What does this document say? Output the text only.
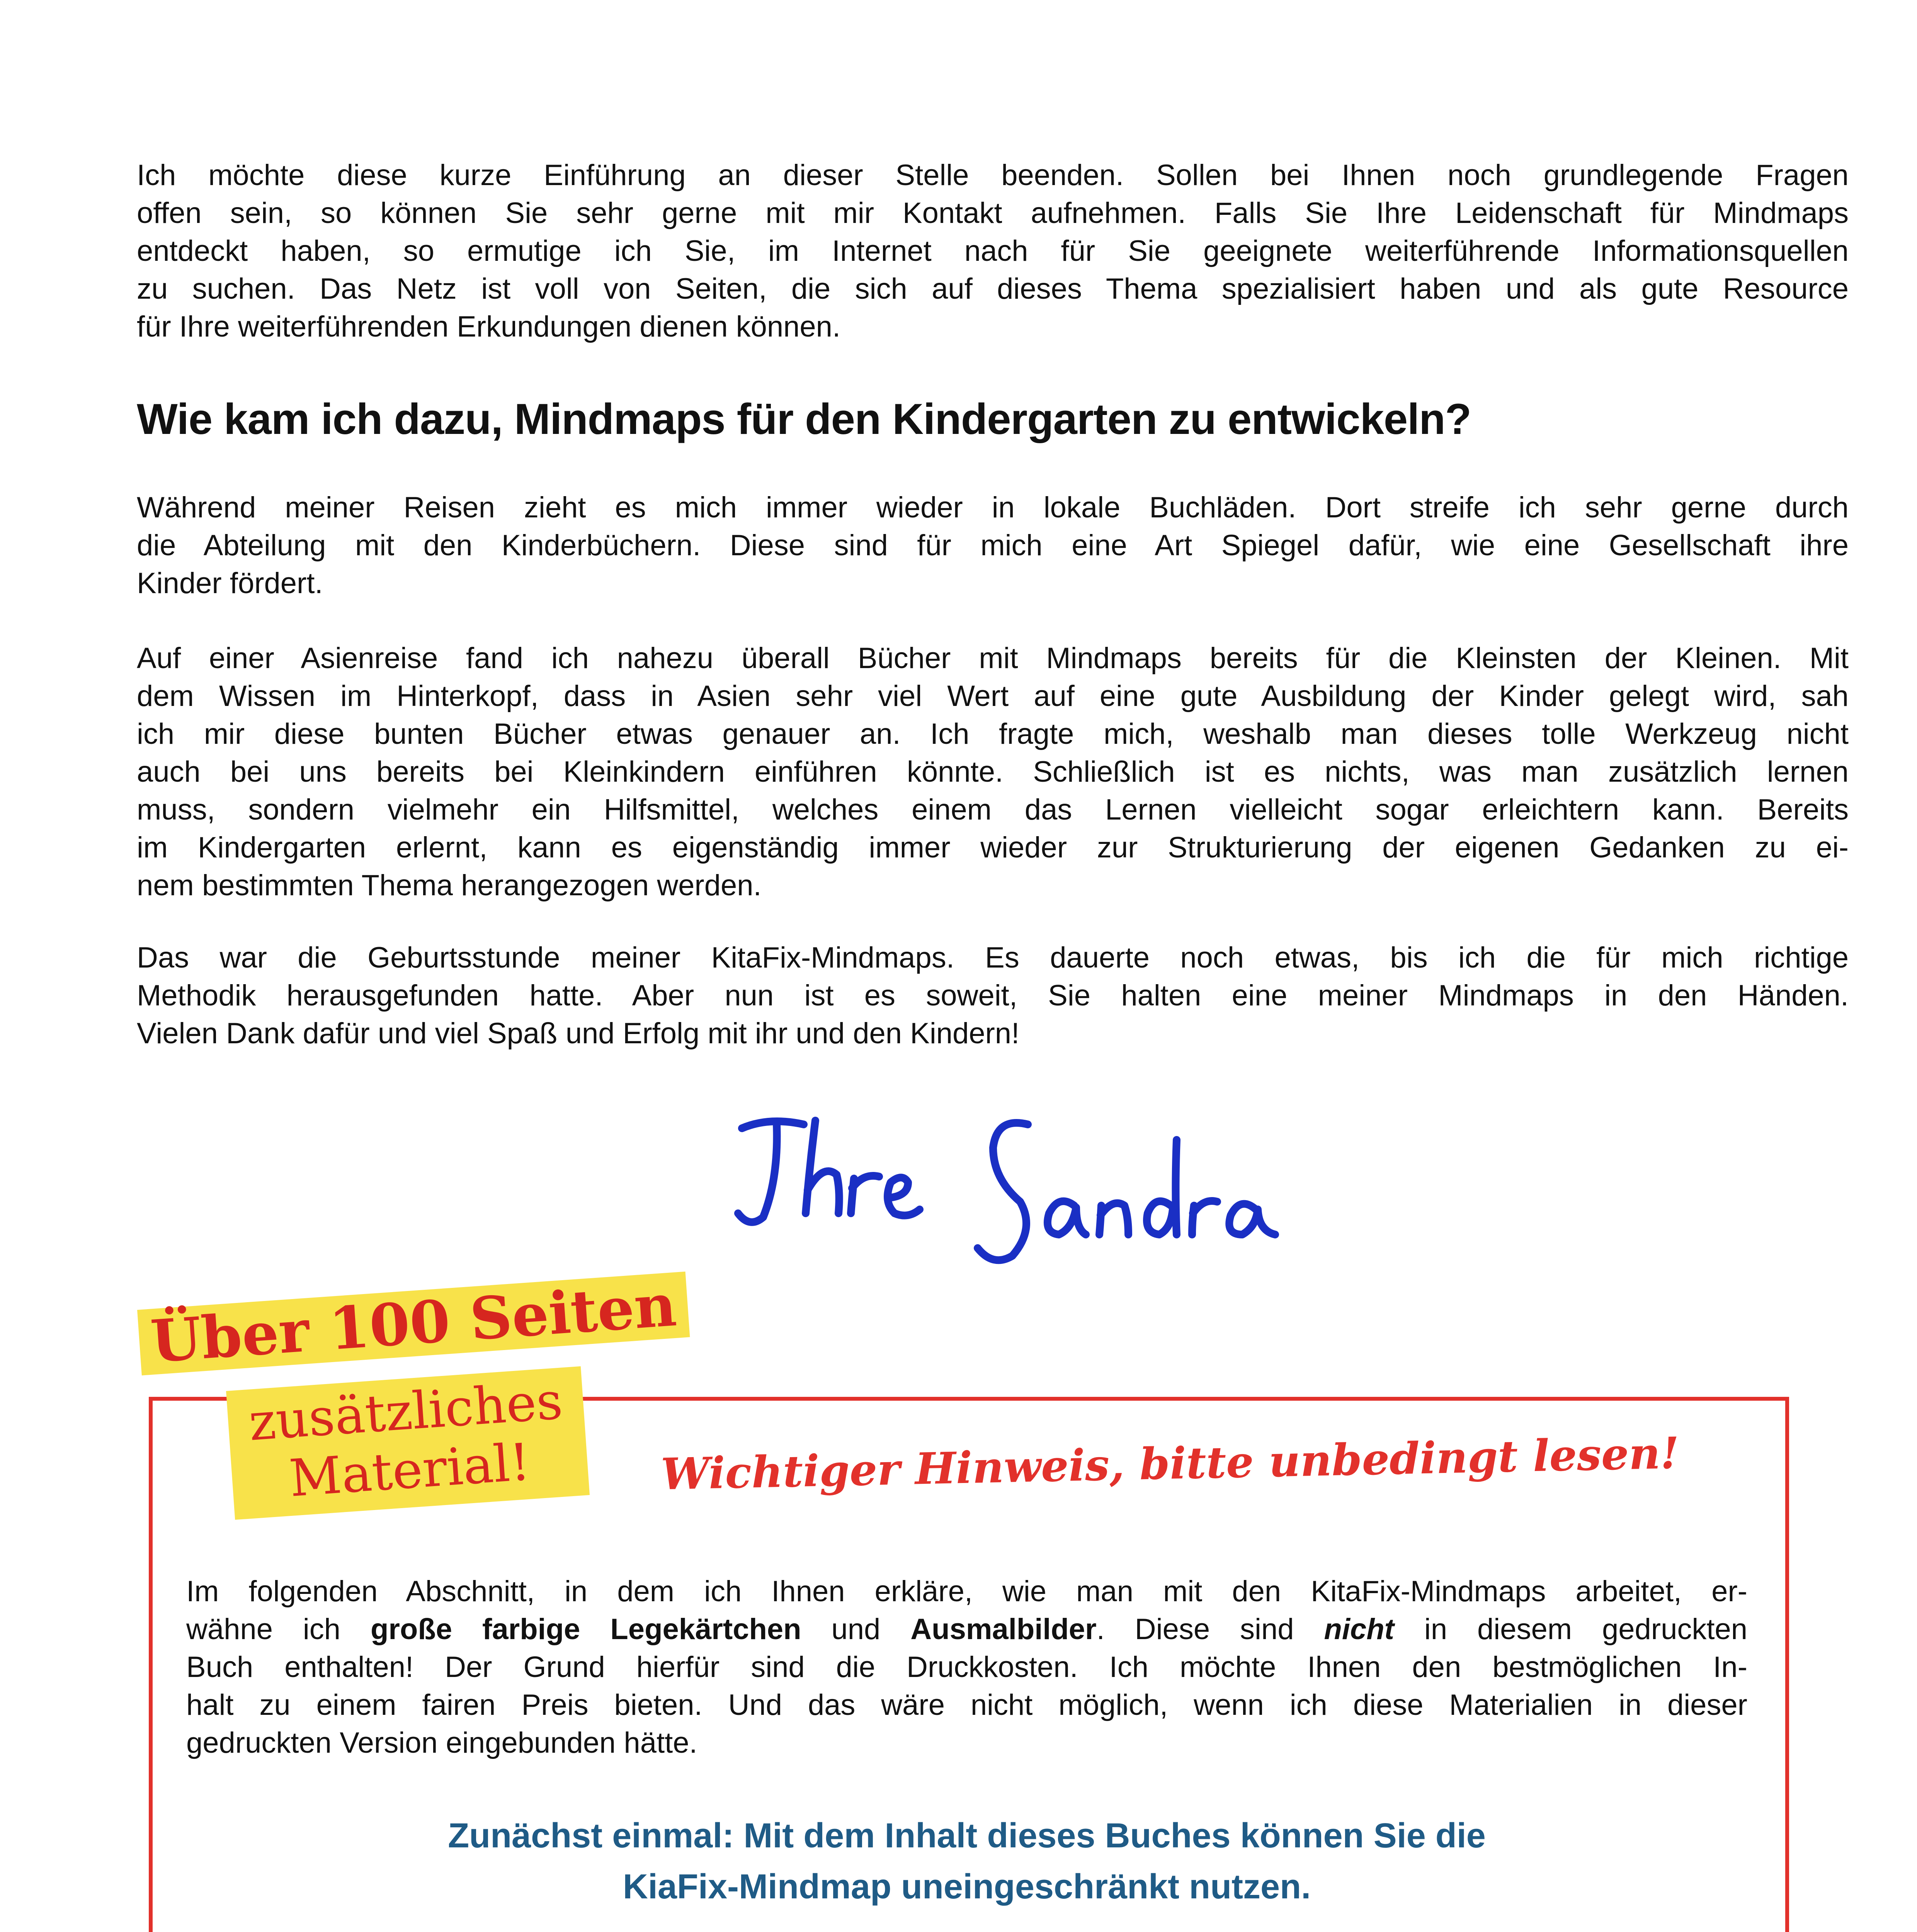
Ich möchte diese kurze Einführung an dieser Stelle beenden. Sollen bei Ihnen noch grundlegende Fragen
offen sein, so können Sie sehr gerne mit mir Kontakt aufnehmen. Falls Sie Ihre Leidenschaft für Mindmaps
entdeckt haben, so ermutige ich Sie, im Internet nach für Sie geeignete weiterführende Informationsquellen
zu suchen. Das Netz ist voll von Seiten, die sich auf dieses Thema spezialisiert haben und als gute Resource
für Ihre weiterführenden Erkundungen dienen können.

Wie kam ich dazu, Mindmaps für den Kindergarten zu entwickeln?

Während meiner Reisen zieht es mich immer wieder in lokale Buchläden. Dort streife ich sehr gerne durch
die Abteilung mit den Kinderbüchern. Diese sind für mich eine Art Spiegel dafür, wie eine Gesellschaft ihre
Kinder fördert.

Auf einer Asienreise fand ich nahezu überall Bücher mit Mindmaps bereits für die Kleinsten der Kleinen. Mit
dem Wissen im Hinterkopf, dass in Asien sehr viel Wert auf eine gute Ausbildung der Kinder gelegt wird, sah
ich mir diese bunten Bücher etwas genauer an. Ich fragte mich, weshalb man dieses tolle Werkzeug nicht
auch bei uns bereits bei Kleinkindern einführen könnte. Schließlich ist es nichts, was man zusätzlich lernen
muss, sondern vielmehr ein Hilfsmittel, welches einem das Lernen vielleicht sogar erleichtern kann. Bereits
im Kindergarten erlernt, kann es eigenständig immer wieder zur Strukturierung der eigenen Gedanken zu ei-
nem bestimmten Thema herangezogen werden.

Das war die Geburtsstunde meiner KitaFix-Mindmaps. Es dauerte noch etwas, bis ich die für mich richtige
Methodik herausgefunden hatte. Aber nun ist es soweit, Sie halten eine meiner Mindmaps in den Händen.
Vielen Dank dafür und viel Spaß und Erfolg mit ihr und den Kindern!

Über 100 Seiten
zusätzliches
Material!	Wichtiger Hinweis, bitte unbedingt lesen!

Im folgenden Abschnitt, in dem ich Ihnen erkläre, wie man mit den KitaFix-Mindmaps arbeitet, er-
wähne ich große farbige Legekärtchen und Ausmalbilder. Diese sind nicht in diesem gedruckten
Buch enthalten! Der Grund hierfür sind die Druckkosten. Ich möchte Ihnen den bestmöglichen In-
halt zu einem fairen Preis bieten. Und das wäre nicht möglich, wenn ich diese Materialien in dieser
gedruckten Version eingebunden hätte.

Zunächst einmal: Mit dem Inhalt dieses Buches können Sie die

KiaFix-Mindmap uneingeschränkt nutzen.
